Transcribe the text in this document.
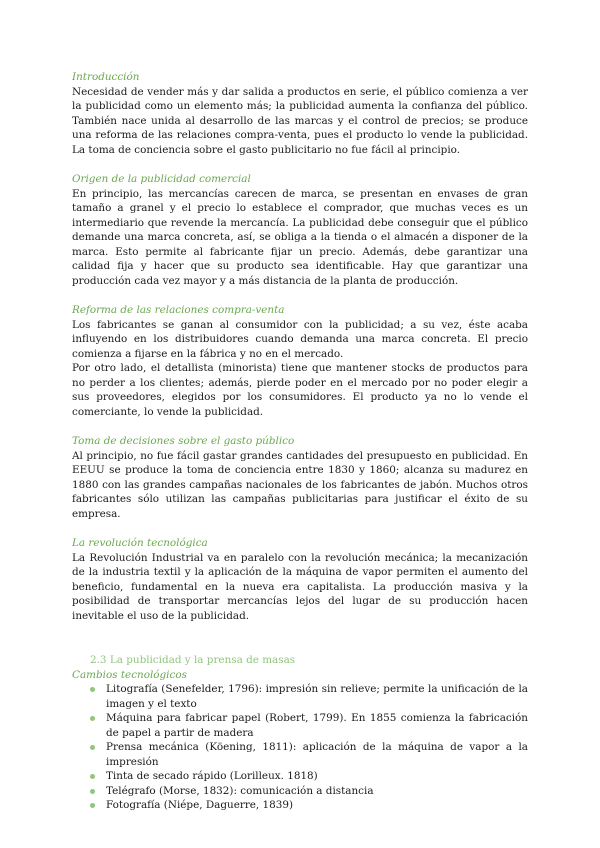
Introducción

Necesidad de vender más y dar salida a productos en serie, el público comienza a ver la publicidad como un elemento más; la publicidad aumenta la confianza del público. También nace unida al desarrollo de las marcas y el control de precios; se produce una reforma de las relaciones compra-venta, pues el producto lo vende la publicidad. La toma de conciencia sobre el gasto publicitario no fue fácil al principio.

Origen de la publicidad comercial

En principio, las mercancías carecen de marca, se presentan en envases de gran tamaño a granel y el precio lo establece el comprador, que muchas veces es un intermediario que revende la mercancía. La publicidad debe conseguir que el público demande una marca concreta, así, se obliga a la tienda o el almacén a disponer de la marca. Esto permite al fabricante fijar un precio. Además, debe garantizar una calidad fija y hacer que su producto sea identificable. Hay que garantizar una producción cada vez mayor y a más distancia de la planta de producción.

Reforma de las relaciones compra-venta

Los fabricantes se ganan al consumidor con la publicidad; a su vez, éste acaba influyendo en los distribuidores cuando demanda una marca concreta. El precio comienza a fijarse en la fábrica y no en el mercado.

Por otro lado, el detallista (minorista) tiene que mantener stocks de productos para no perder a los clientes; además, pierde poder en el mercado por no poder elegir a sus proveedores, elegidos por los consumidores. El producto ya no lo vende el comerciante, lo vende la publicidad.

Toma de decisiones sobre el gasto público

Al principio, no fue fácil gastar grandes cantidades del presupuesto en publicidad. En EEUU se produce la toma de conciencia entre 1830 y 1860; alcanza su madurez en 1880 con las grandes campañas nacionales de los fabricantes de jabón. Muchos otros fabricantes sólo utilizan las campañas publicitarias para justificar el éxito de su empresa.

La revolución tecnológica

La Revolución Industrial va en paralelo con la revolución mecánica; la mecanización de la industria textil y la aplicación de la máquina de vapor permiten el aumento del beneficio, fundamental en la nueva era capitalista. La producción masiva y la posibilidad de transportar mercancías lejos del lugar de su producción hacen inevitable el uso de la publicidad.

2.3 La publicidad y la prensa de masas

Cambios tecnológicos

Litografía (Senefelder, 1796): impresión sin relieve; permite la unificación de la imagen y el texto
Máquina para fabricar papel (Robert, 1799). En 1855 comienza la fabricación de papel a partir de madera
Prensa mecánica (Köening, 1811): aplicación de la máquina de vapor a la impresión
Tinta de secado rápido (Lorilleux. 1818)
Telégrafo (Morse, 1832): comunicación a distancia
Fotografía (Niépe, Daguerre, 1839)
